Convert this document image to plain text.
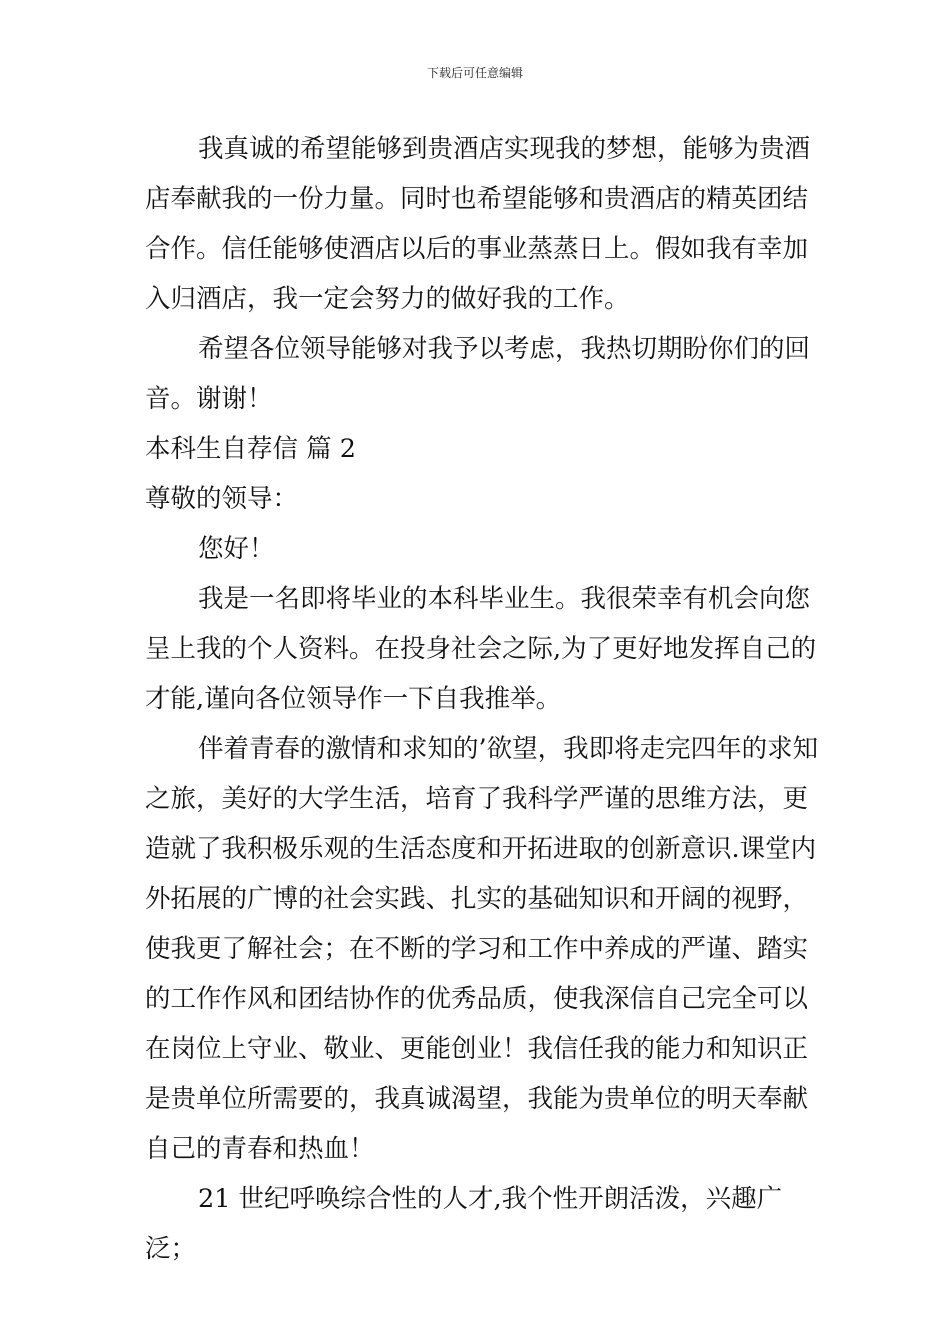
下载后可任意编辑

我真诚的希望能够到贵酒店实现我的梦想，能够为贵酒店奉献我的一份力量。同时也希望能够和贵酒店的精英团结合作。信任能够使酒店以后的事业蒸蒸日上。假如我有幸加入归酒店，我一定会努力的做好我的工作。

希望各位领导能够对我予以考虑，我热切期盼你们的回音。谢谢！

本科生自荐信 篇 2

尊敬的领导：

您好！

我是一名即将毕业的本科毕业生。我很荣幸有机会向您呈上我的个人资料。在投身社会之际,为了更好地发挥自己的才能,谨向各位领导作一下自我推举。

伴着青春的激情和求知的’欲望，我即将走完四年的求知之旅，美好的大学生活，培育了我科学严谨的思维方法，更造就了我积极乐观的生活态度和开拓进取的创新意识.课堂内外拓展的广博的社会实践、扎实的基础知识和开阔的视野，使我更了解社会；在不断的学习和工作中养成的严谨、踏实的工作作风和团结协作的优秀品质，使我深信自己完全可以在岗位上守业、敬业、更能创业！我信任我的能力和知识正是贵单位所需要的，我真诚渴望，我能为贵单位的明天奉献自己的青春和热血！

21 世纪呼唤综合性的人才,我个性开朗活泼，兴趣广泛；
